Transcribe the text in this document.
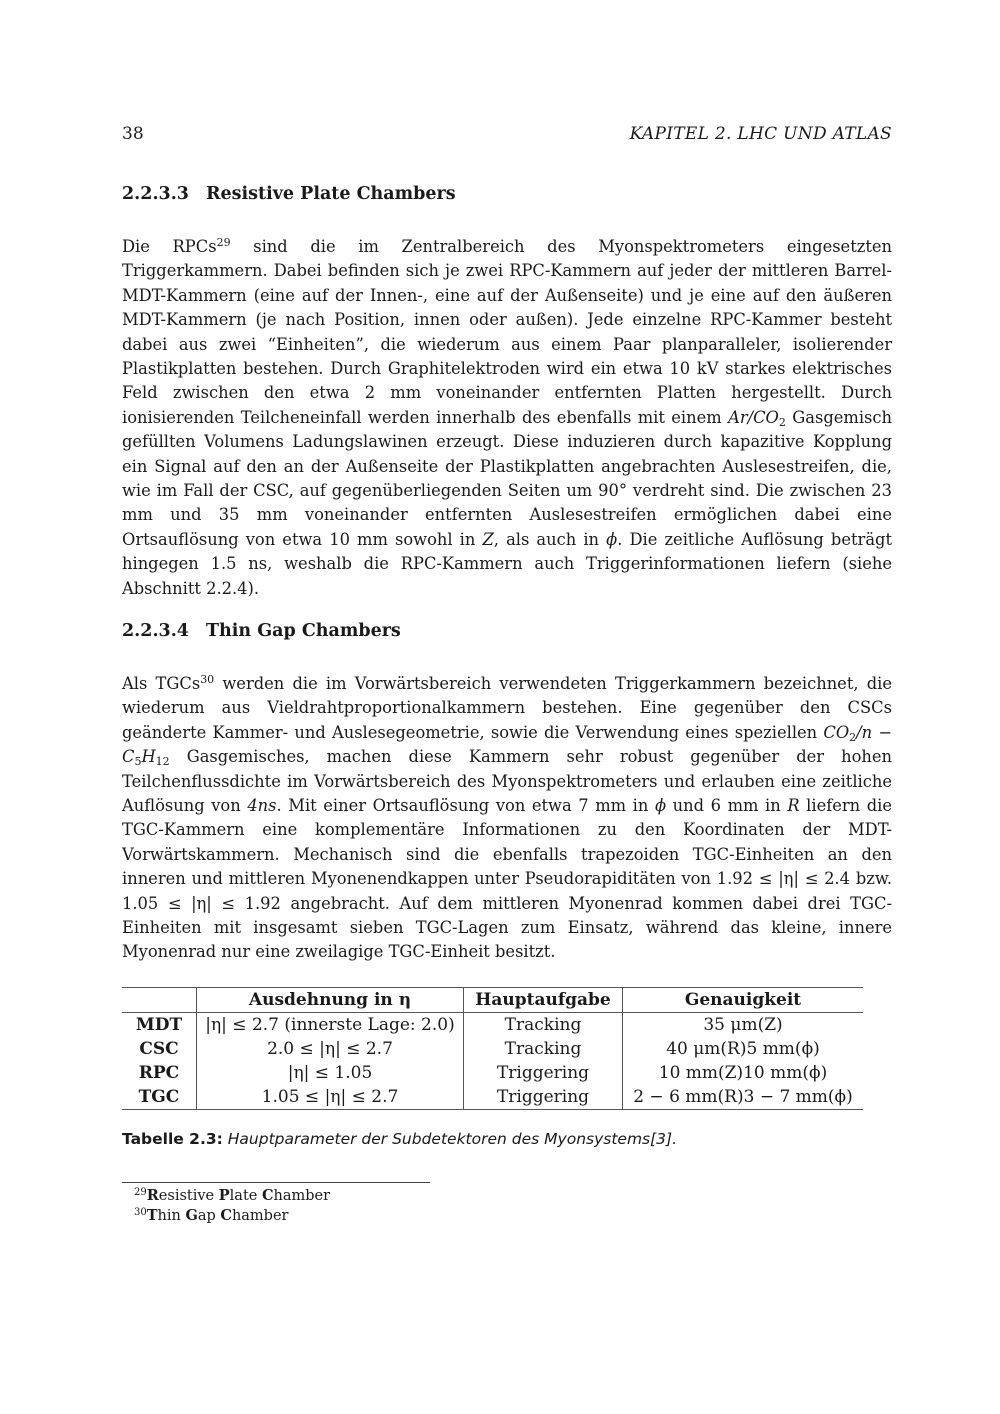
38	KAPITEL 2. LHC UND ATLAS
2.2.3.3 Resistive Plate Chambers

Die RPCs$^{29}$ sind die im Zentralbereich des Myonspektrometers eingesetzten Triggerkammern. Dabei befinden sich je zwei RPC-Kammern auf jeder der mittleren Barrel-MDT-Kammern (eine auf der Innen-, eine auf der Außenseite) und je eine auf den äußeren MDT-Kammern (je nach Position, innen oder außen). Jede einzelne RPC-Kammer besteht dabei aus zwei “Einheiten”, die wiederum aus einem Paar planparalleler, isolierender Plastikplatten bestehen. Durch Graphitelektroden wird ein etwa 10 kV starkes elektrisches Feld zwischen den etwa 2 mm voneinander entfernten Platten hergestellt. Durch ionisierenden Teilcheneinfall werden innerhalb des ebenfalls mit einem $Ar/CO_2$ Gasgemisch gefüllten Volumens Ladungslawinen erzeugt. Diese induzieren durch kapazitive Kopplung ein Signal auf den an der Außenseite der Plastikplatten angebrachten Auslesestreifen, die, wie im Fall der CSC, auf gegenüberliegenden Seiten um 90° verdreht sind. Die zwischen 23 mm und 35 mm voneinander entfernten Auslesestreifen ermöglichen dabei eine Ortsauflösung von etwa 10 mm sowohl in Z, als auch in ϕ. Die zeitliche Auflösung beträgt hingegen 1.5 ns, weshalb die RPC-Kammern auch Triggerinformationen liefern (siehe Abschnitt 2.2.4).

2.2.3.4 Thin Gap Chambers

Als TGCs$^{30}$ werden die im Vorwärtsbereich verwendeten Triggerkammern bezeichnet, die wiederum aus Vieldrahtproportionalkammern bestehen. Eine gegenüber den CSCs geänderte Kammer- und Auslesegeometrie, sowie die Verwendung eines speziellen $CO_2/n - C_5H_{12}$ Gasgemisches, machen diese Kammern sehr robust gegenüber der hohen Teilchenflussdichte im Vorwärtsbereich des Myonspektrometers und erlauben eine zeitliche Auflösung von 4ns. Mit einer Ortsauflösung von etwa 7 mm in ϕ und 6 mm in R liefern die TGC-Kammern eine komplementäre Informationen zu den Koordinaten der MDT-Vorwärtskammern. Mechanisch sind die ebenfalls trapezoiden TGC-Einheiten an den inneren und mittleren Myonenendkappen unter Pseudorapiditäten von 1.92 ≤ |η| ≤ 2.4 bzw. 1.05 ≤ |η| ≤ 1.92 angebracht. Auf dem mittleren Myonenrad kommen dabei drei TGC-Einheiten mit insgesamt sieben TGC-Lagen zum Einsatz, während das kleine, innere Myonenrad nur eine zweilagige TGC-Einheit besitzt.

	Ausdehnung in η	Hauptaufgabe	Genauigkeit
MDT	|η| ≤ 2.7 (innerste Lage: 2.0)	Tracking	35 μm(Z)
CSC	2.0 ≤ |η| ≤ 2.7	Tracking	40 μm(R)5 mm(ϕ)
RPC	|η| ≤ 1.05	Triggering	10 mm(Z)10 mm(ϕ)
TGC	1.05 ≤ |η| ≤ 2.7	Triggering	2 − 6 mm(R)3 − 7 mm(ϕ)
Tabelle 2.3: Hauptparameter der Subdetektoren des Myonsystems[3].
$^{29}$Resistive Plate Chamber
$^{30}$Thin Gap Chamber
